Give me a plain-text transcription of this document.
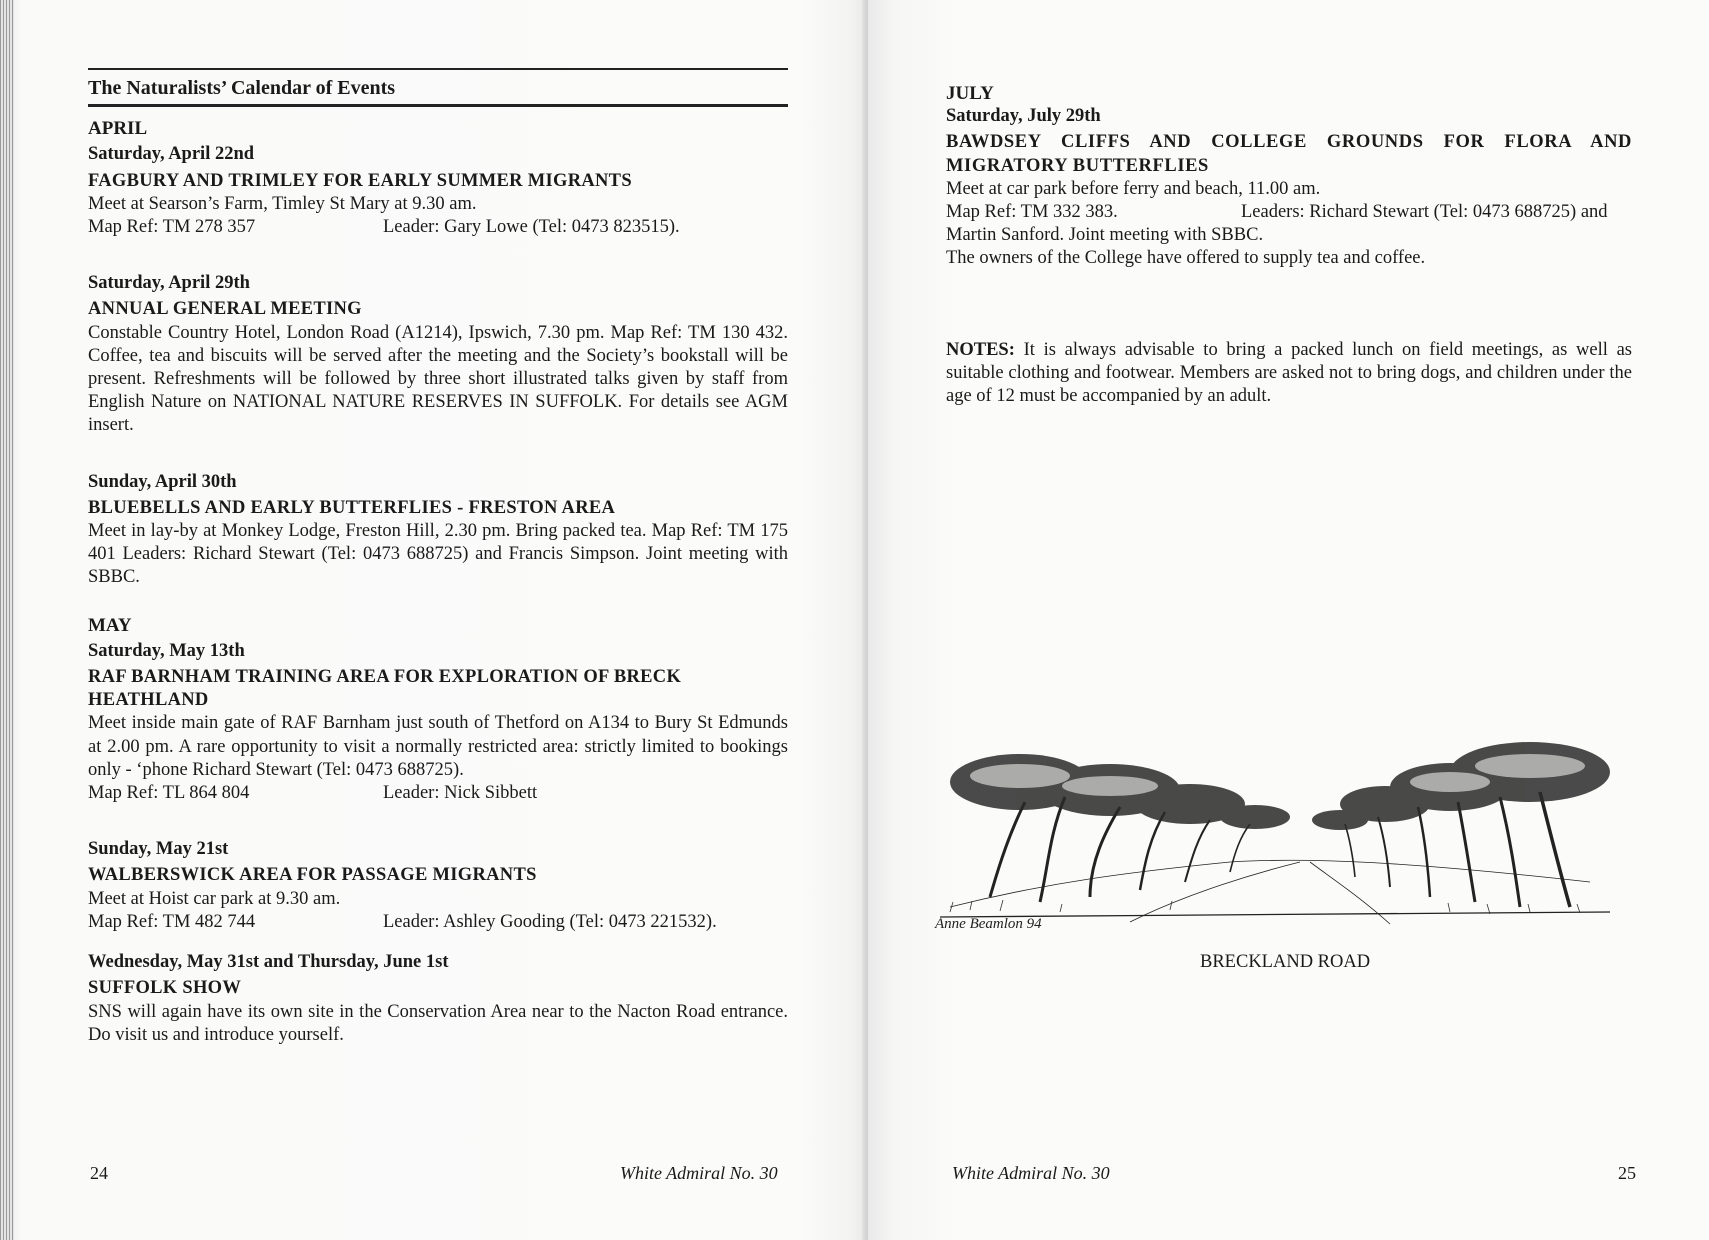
The Naturalists’ Calendar of Events
APRIL
Saturday, April 22nd
FAGBURY AND TRIMLEY FOR EARLY SUMMER MIGRANTS
Meet at Searson’s Farm, Timley St Mary at 9.30 am.
Map Ref: TM 278 357	Leader: Gary Lowe (Tel: 0473 823515).
Saturday, April 29th
ANNUAL GENERAL MEETING
Constable Country Hotel, London Road (A1214), Ipswich, 7.30 pm. Map Ref: TM 130 432. Coffee, tea and biscuits will be served after the meeting and the Society’s bookstall will be present. Refreshments will be followed by three short illustrated talks given by staff from English Nature on NATIONAL NATURE RESERVES IN SUFFOLK. For details see AGM insert.
Sunday, April 30th
BLUEBELLS AND EARLY BUTTERFLIES - FRESTON AREA
Meet in lay-by at Monkey Lodge, Freston Hill, 2.30 pm. Bring packed tea. Map Ref: TM 175 401 Leaders: Richard Stewart (Tel: 0473 688725) and Francis Simpson. Joint meeting with SBBC.
MAY
Saturday, May 13th
RAF BARNHAM TRAINING AREA FOR EXPLORATION OF BRECK HEATHLAND
Meet inside main gate of RAF Barnham just south of Thetford on A134 to Bury St Edmunds at 2.00 pm. A rare opportunity to visit a normally restricted area: strictly limited to bookings only - ‘phone Richard Stewart (Tel: 0473 688725).
Map Ref: TL 864 804	Leader: Nick Sibbett
Sunday, May 21st
WALBERSWICK AREA FOR PASSAGE MIGRANTS
Meet at Hoist car park at 9.30 am.
Map Ref: TM 482 744	Leader: Ashley Gooding (Tel: 0473 221532).
Wednesday, May 31st and Thursday, June 1st
SUFFOLK SHOW
SNS will again have its own site in the Conservation Area near to the Nacton Road entrance. Do visit us and introduce yourself.
24	White Admiral No. 30
JULY
Saturday, July 29th
BAWDSEY CLIFFS AND COLLEGE GROUNDS FOR FLORA AND MIGRATORY BUTTERFLIES
Meet at car park before ferry and beach, 11.00 am.
Map Ref: TM 332 383.	Leaders: Richard Stewart (Tel: 0473 688725) and
Martin Sanford. Joint meeting with SBBC.
The owners of the College have offered to supply tea and coffee.
NOTES: It is always advisable to bring a packed lunch on field meetings, as well as suitable clothing and footwear. Members are asked not to bring dogs, and children under the age of 12 must be accompanied by an adult.
Anne Beamlon 94
BRECKLAND ROAD
White Admiral No. 30	25
